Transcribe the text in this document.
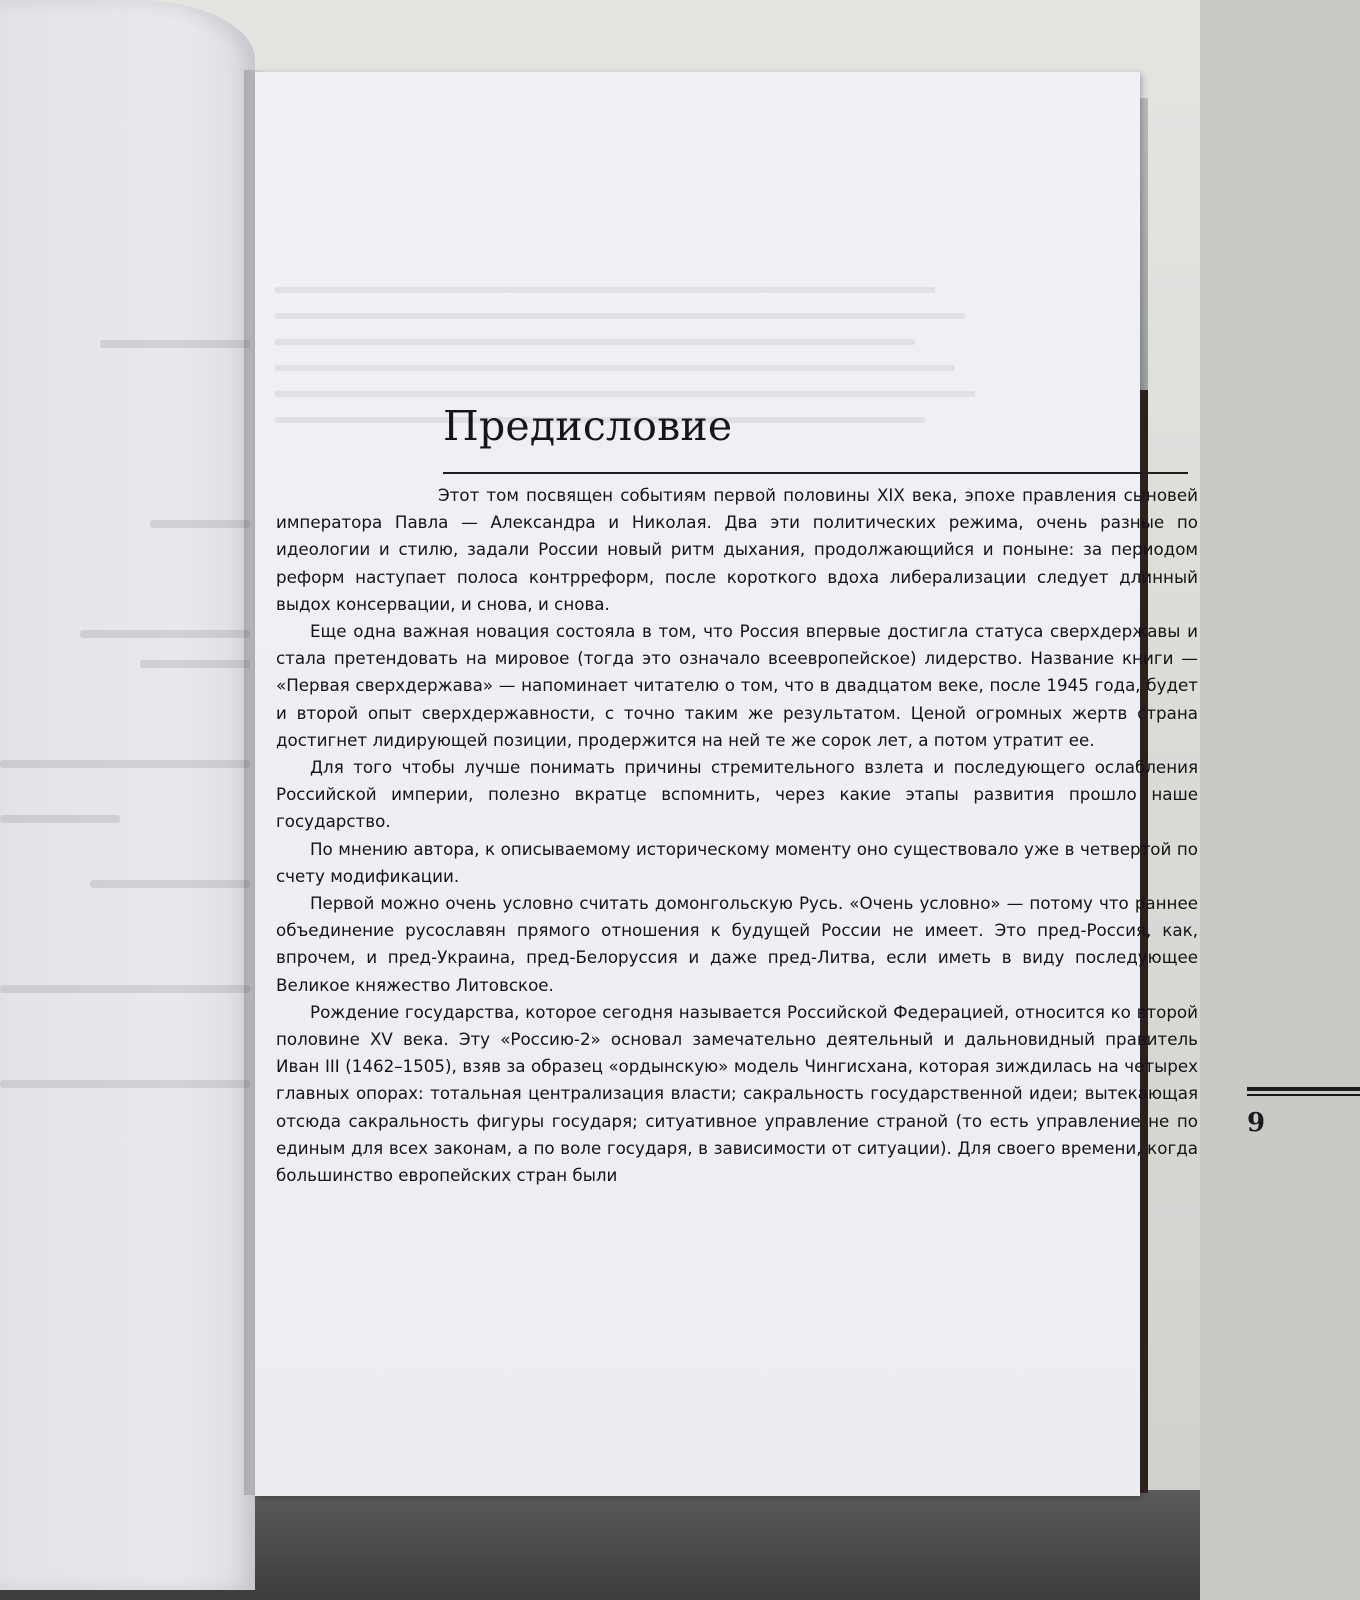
Предисловие

Этот том посвящен событиям первой половины XIX века, эпохе правления сыновей императора Павла — Александра и Николая. Два эти политических режима, очень разные по идеологии и стилю, задали России новый ритм дыхания, продолжающийся и поныне: за периодом реформ наступает полоса контрреформ, после короткого вдоха либерализации следует длинный выдох консервации, и снова, и снова.

Еще одна важная новация состояла в том, что Россия впервые достигла статуса сверхдержавы и стала претендовать на мировое (тогда это означало всеевропейское) лидерство. Название книги — «Первая сверхдержава» — напоминает читателю о том, что в двадцатом веке, после 1945 года, будет и второй опыт сверхдержавности, с точно таким же результатом. Ценой огромных жертв страна достигнет лидирующей позиции, продержится на ней те же сорок лет, а потом утратит ее.

Для того чтобы лучше понимать причины стремительного взлета и последующего ослабления Российской империи, полезно вкратце вспомнить, через какие этапы развития прошло наше государство.

По мнению автора, к описываемому историческому моменту оно существовало уже в четвертой по счету модификации.

Первой можно очень условно считать домонгольскую Русь. «Очень условно» — потому что раннее объединение русославян прямого отношения к будущей России не имеет. Это пред-Россия, как, впрочем, и пред-Украина, пред-Белоруссия и даже пред-Литва, если иметь в виду последующее Великое княжество Литовское.

Рождение государства, которое сегодня называется Российской Федерацией, относится ко второй половине XV века. Эту «Россию-2» основал замечательно деятельный и дальновидный правитель Иван III (1462–1505), взяв за образец «ордынскую» модель Чингисхана, которая зиждилась на четырех главных опорах: тотальная централизация власти; сакральность государственной идеи; вытекающая отсюда сакральность фигуры государя; ситуативное управление страной (то есть управление не по единым для всех законам, а по воле государя, в зависимости от ситуации). Для своего времени, когда большинство европейских стран были

9
